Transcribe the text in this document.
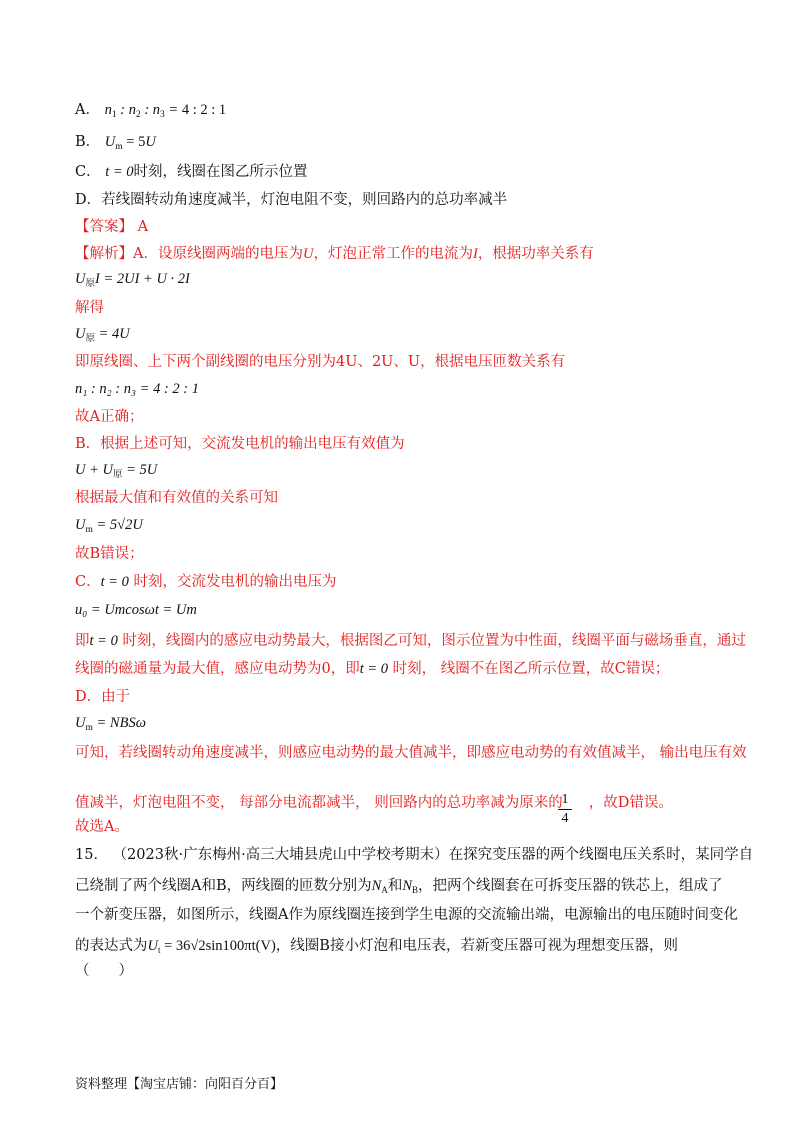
A． $n_1$ : $n_2$ : $n_3 = 4$ : 2 : 1
B． $U_m = 5U$
C． t = 0时刻，线圈在图乙所示位置
D．若线圈转动角速度减半，灯泡电阻不变，则回路内的总功率减半
【答案】 A
【解析】A．设原线圈两端的电压为U，灯泡正常工作的电流为I，根据功率关系有
$U_原I = 2UI + U \cdot 2I$
解得
$U_原 = 4U$
即原线圈、上下两个副线圈的电压分别为4U、2U、U，根据电压匝数关系有
n₁ : n₂ : n₃ = 4 : 2 : 1
故A正确；
B．根据上述可知，交流发电机的输出电压有效值为
$U + U_原 = 5U$
根据最大值和有效值的关系可知
$U_m = 5√2U$
故B错误；
C．t = 0 时刻，交流发电机的输出电压为
u₀ = Umcosωt = Um
即t = 0 时刻，线圈内的感应电动势最大，根据图乙可知，图示位置为中性面，线圈平面与磁场垂直，通过
线圈的磁通量为最大值，感应电动势为0，即t = 0 时刻， 线圈不在图乙所示位置，故C错误；
D．由于
$U_m = NBS\omega$
可知，若线圈转动角速度减半，则感应电动势的最大值减半，即感应电动势的有效值减半， 输出电压有效
值减半，灯泡电阻不变， 每部分电流都减半， 则回路内的总功率减为原来的 ，故D错误。
1
4
故选A。
15． （2023秋·广东梅州·高三大埔县虎山中学校考期末）在探究变压器的两个线圈电压关系时，某同学自
己绕制了两个线圈A和B，两线圈的匝数分别为$N_A$和$N_B$，把两个线圈套在可拆变压器的铁芯上，组成了
一个新变压器，如图所示，线圈A作为原线圈连接到学生电源的交流输出端，电源输出的电压随时间变化
的表达式为$U_t = 36√2\sin 100\pi t(V)$，线圈B接小灯泡和电压表，若新变压器可视为理想变压器，则
（　　）
资料整理【淘宝店铺：向阳百分百】
